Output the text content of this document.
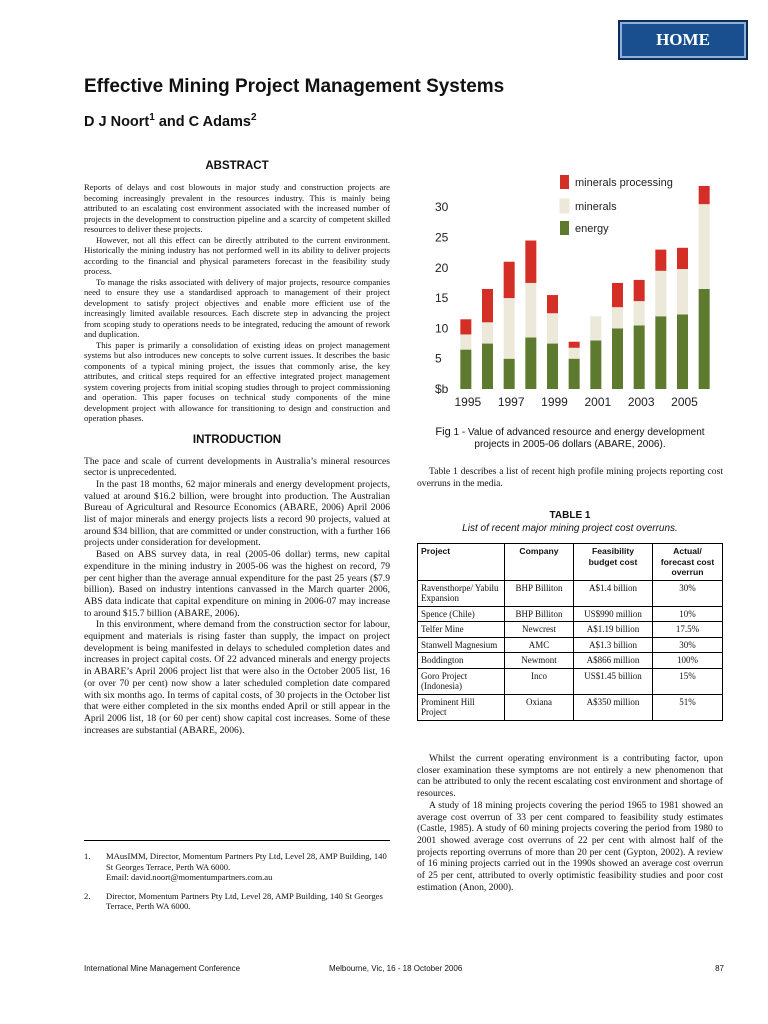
HOME
Effective Mining Project Management Systems
D J Noort$^1$ and C Adams$^2$
ABSTRACT

Reports of delays and cost blowouts in major study and construction projects are becoming increasingly prevalent in the resources industry. This is mainly being attributed to an escalating cost environment associated with the increased number of projects in the development to construction pipeline and a scarcity of competent skilled resources to deliver these projects.

However, not all this effect can be directly attributed to the current environment. Historically the mining industry has not performed well in its ability to deliver projects according to the financial and physical parameters forecast in the feasibility study process.

To manage the risks associated with delivery of major projects, resource companies need to ensure they use a standardised approach to management of their project development to satisfy project objectives and enable more efficient use of the increasingly limited available resources. Each discrete step in advancing the project from scoping study to operations needs to be integrated, reducing the amount of rework and duplication.

This paper is primarily a consolidation of existing ideas on project management systems but also introduces new concepts to solve current issues. It describes the basic components of a typical mining project, the issues that commonly arise, the key attributes, and critical steps required for an effective integrated project management system covering projects from initial scoping studies through to project commissioning and operation. This paper focuses on technical study components of the mine development project with allowance for transitioning to design and construction and operation phases.

INTRODUCTION

The pace and scale of current developments in Australia’s mineral resources sector is unprecedented.

In the past 18 months, 62 major minerals and energy development projects, valued at around $16.2 billion, were brought into production. The Australian Bureau of Agricultural and Resource Economics (ABARE, 2006) April 2006 list of major minerals and energy projects lists a record 90 projects, valued at around $34 billion, that are committed or under construction, with a further 166 projects under consideration for development.

Based on ABS survey data, in real (2005-06 dollar) terms, new capital expenditure in the mining industry in 2005-06 was the highest on record, 79 per cent higher than the average annual expenditure for the past 25 years ($7.9 billion). Based on industry intentions canvassed in the March quarter 2006, ABS data indicate that capital expenditure on mining in 2006-07 may increase to around $15.7 billion (ABARE, 2006).

In this environment, where demand from the construction sector for labour, equipment and materials is rising faster than supply, the impact on project development is being manifested in delays to scheduled completion dates and increases in project capital costs. Of 22 advanced minerals and energy projects in ABARE’s April 2006 project list that were also in the October 2005 list, 16 (or over 70 per cent) now show a later scheduled completion date compared with six months ago. In terms of capital costs, of 30 projects in the October list that were either completed in the six months ended April or still appear in the April 2006 list, 18 (or 60 per cent) show capital cost increases. Some of these increases are substantial (ABARE, 2006).

1.	MAusIMM, Director, Momentum Partners Pty Ltd, Level 28, AMP Building, 140 St Georges Terrace, Perth WA 6000.
Email: david.noort@momentumpartners.com.au
2.	Director, Momentum Partners Pty Ltd, Level 28, AMP Building, 140 St Georges Terrace, Perth WA 6000.
5
10
15
20
25
30
$b
1995 1997 1999 2001 2003 2005
minerals processing
minerals
energy
Fig 1 - Value of advanced resource and energy development projects in 2005-06 dollars (ABARE, 2006).

Table 1 describes a list of recent high profile mining projects reporting cost overruns in the media.

TABLE 1
List of recent major mining project cost overruns.
Project	Company	Feasibility budget cost	Actual/ forecast cost overrun
Ravensthorpe/ Yabilu Expansion	BHP Billiton	A$1.4 billion	30%
Spence (Chile)	BHP Billiton	US$990 million	10%
Telfer Mine	Newcrest	A$1.19 billion	17.5%
Stanwell Magnesium	AMC	A$1.3 billion	30%
Boddington	Newmont	A$866 million	100%
Goro Project (Indonesia)	Inco	US$1.45 billion	15%
Prominent Hill Project	Oxiana	A$350 million	51%

Whilst the current operating environment is a contributing factor, upon closer examination these symptoms are not entirely a new phenomenon that can be attributed to only the recent escalating cost environment and shortage of resources.

A study of 18 mining projects covering the period 1965 to 1981 showed an average cost overrun of 33 per cent compared to feasibility study estimates (Castle, 1985). A study of 60 mining projects covering the period from 1980 to 2001 showed average cost overruns of 22 per cent with almost half of the projects reporting overruns of more than 20 per cent (Gypton, 2002). A review of 16 mining projects carried out in the 1990s showed an average cost overrun of 25 per cent, attributed to overly optimistic feasibility studies and poor cost estimation (Anon, 2000).

International Mine Management Conference	Melbourne, Vic, 16 - 18 October 2006	87
